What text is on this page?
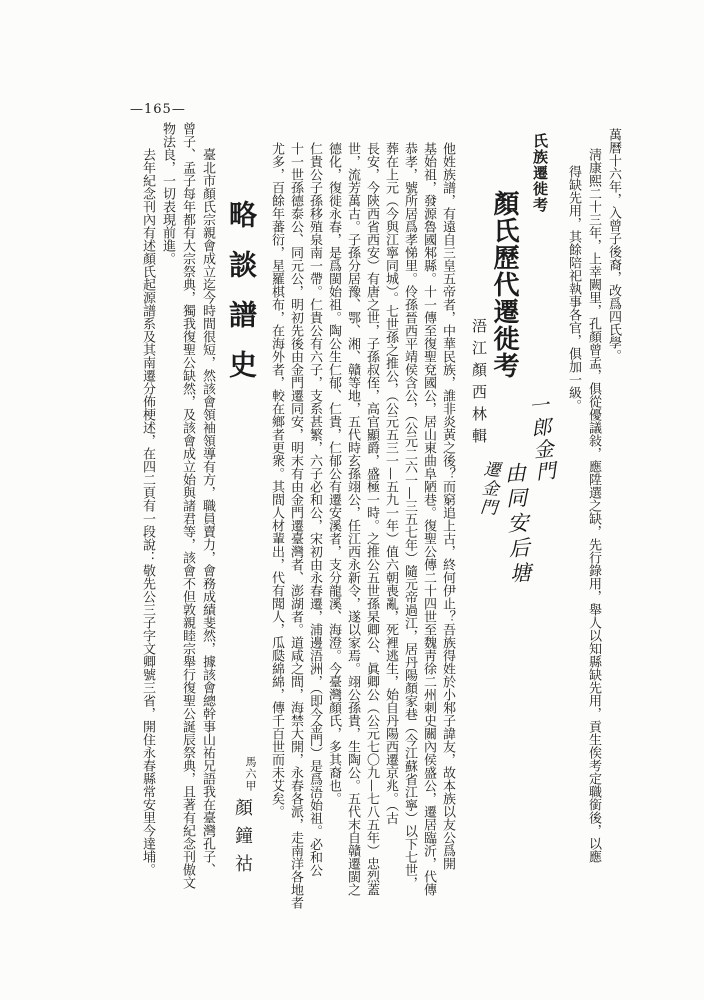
—165—
萬曆十六年，入曾子後裔，改爲四氏學。
淸康熙二十三年，上幸闕里，孔顏曾孟，俱從優議敍，應陞選之缺，先行錄用，舉人以知縣缺先用，貢生俟考定職銜後，以應
得缺先用，其餘陪祀執事各官，俱加一級。
氏族遷徙考
顏氏歷代遷徙考
浯江顏西林輯 一郎金門
由同安后塘
遷金門
他姓族譜，有遠自三皇五帝者，中華民族，誰非炎黃之後？而窮追上古，終何伊止？吾族得姓於小邾子諱友，故本族以友公爲開
基始祖，發源魯國邾縣。十一傳至復聖兗國公，居山東曲阜陋巷。復聖公傳二十四世至魏靑徐二州刺史關內侯盛公，遷居臨沂，代傳
恭孝，號所居爲孝悌里。伶孫晉西平靖侯含公，（公元二六一—三五七年）隨元帝過江，居丹陽顏家巷（今江蘇省江寧）以下七世，
葬在上元（今與江寧同城）。七世孫之推公，（公元五三一—五九一年）值六朝喪亂，死裡逃生，始自丹陽西遷京兆。（古
長安，今陝西省西安）有唐之世，子孫叔侄，高官顯爵，盛極一時。之推公五世孫杲卿公、眞卿公（公元七〇九—七八五年）忠烈蓋
世，流芳萬古。子孫分居豫、鄂、湘、贛等地，五代時玄孫翊公，任江西永新令，遂以家焉。翊公孫貴，生陶公。五代末自贛遷閩之
德化，復徙永春，是爲閩始祖。陶公生仁郁、仁貴，仁郁公有遷安溪者，支分龍溪、海澄。今臺灣顏氏，多其裔也。
仁貴公子孫移殖泉南一帶。仁貴公有六子，支系甚繁，六子必和公，宋初由永春遷，浦邊浯洲，（即今金門）是爲浯始祖。必和公
十一世孫德泰公、同元公，明初先後由金門遷同安，明末有由金門遷臺灣者、澎湖者。道咸之間，海禁大開，永春各派，走南洋各地者
尤多，百餘年蕃衍，星羅棋布，在海外者，較在鄉者更衆。其間人材輩出，代有聞人，瓜瓞綿綿，傳千百世而未艾矣。
略談譜史
馬六甲
顏鐘祜
臺北市顏氏宗親會成立迄今時間很短，然該會領袖領導有方，職員賣力，會務成績斐然，據該會總幹事山祐兄語我在臺灣孔子、
曾子、孟子每年都有大宗祭典，獨我復聖公缺然，及該會成立始與諸君等，該會不但敦親睦宗舉行復聖公誕辰祭典，且著有紀念刊傲文
物法良，一切表現前進。
去年紀念刊內有述顏氏起源譜系及其南遷分佈梗述，在四二頁有一段說：敬先公三子字文卿號三省，開住永春縣常安里今達埔。
